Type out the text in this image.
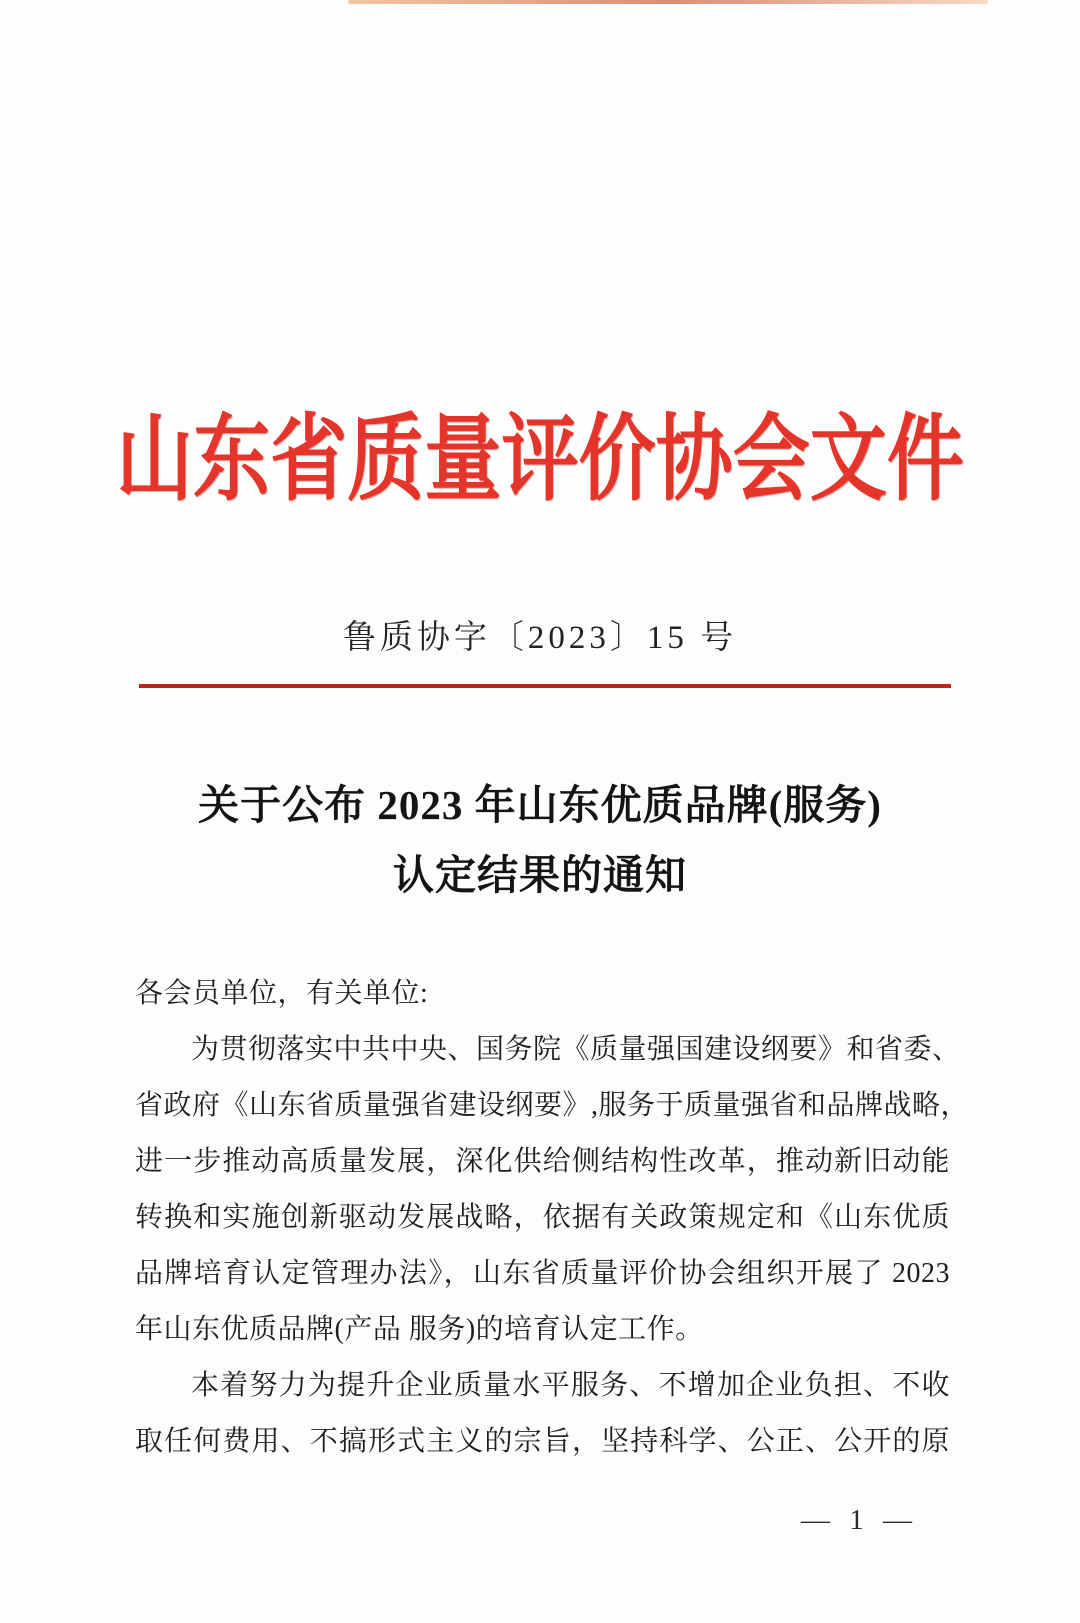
山东省质量评价协会文件
鲁质协字〔2023〕15 号
关于公布 2023 年山东优质品牌(服务)
认定结果的通知
各会员单位，有关单位:
为贯彻落实中共中央、国务院《质量强国建设纲要》和省委、
省政府《山东省质量强省建设纲要》,服务于质量强省和品牌战略，
进一步推动高质量发展，深化供给侧结构性改革，推动新旧动能
转换和实施创新驱动发展战略，依据有关政策规定和《山东优质
品牌培育认定管理办法》，山东省质量评价协会组织开展了 2023
年山东优质品牌(产品 服务)的培育认定工作。
本着努力为提升企业质量水平服务、不增加企业负担、不收
取任何费用、不搞形式主义的宗旨，坚持科学、公正、公开的原
— 1 —
